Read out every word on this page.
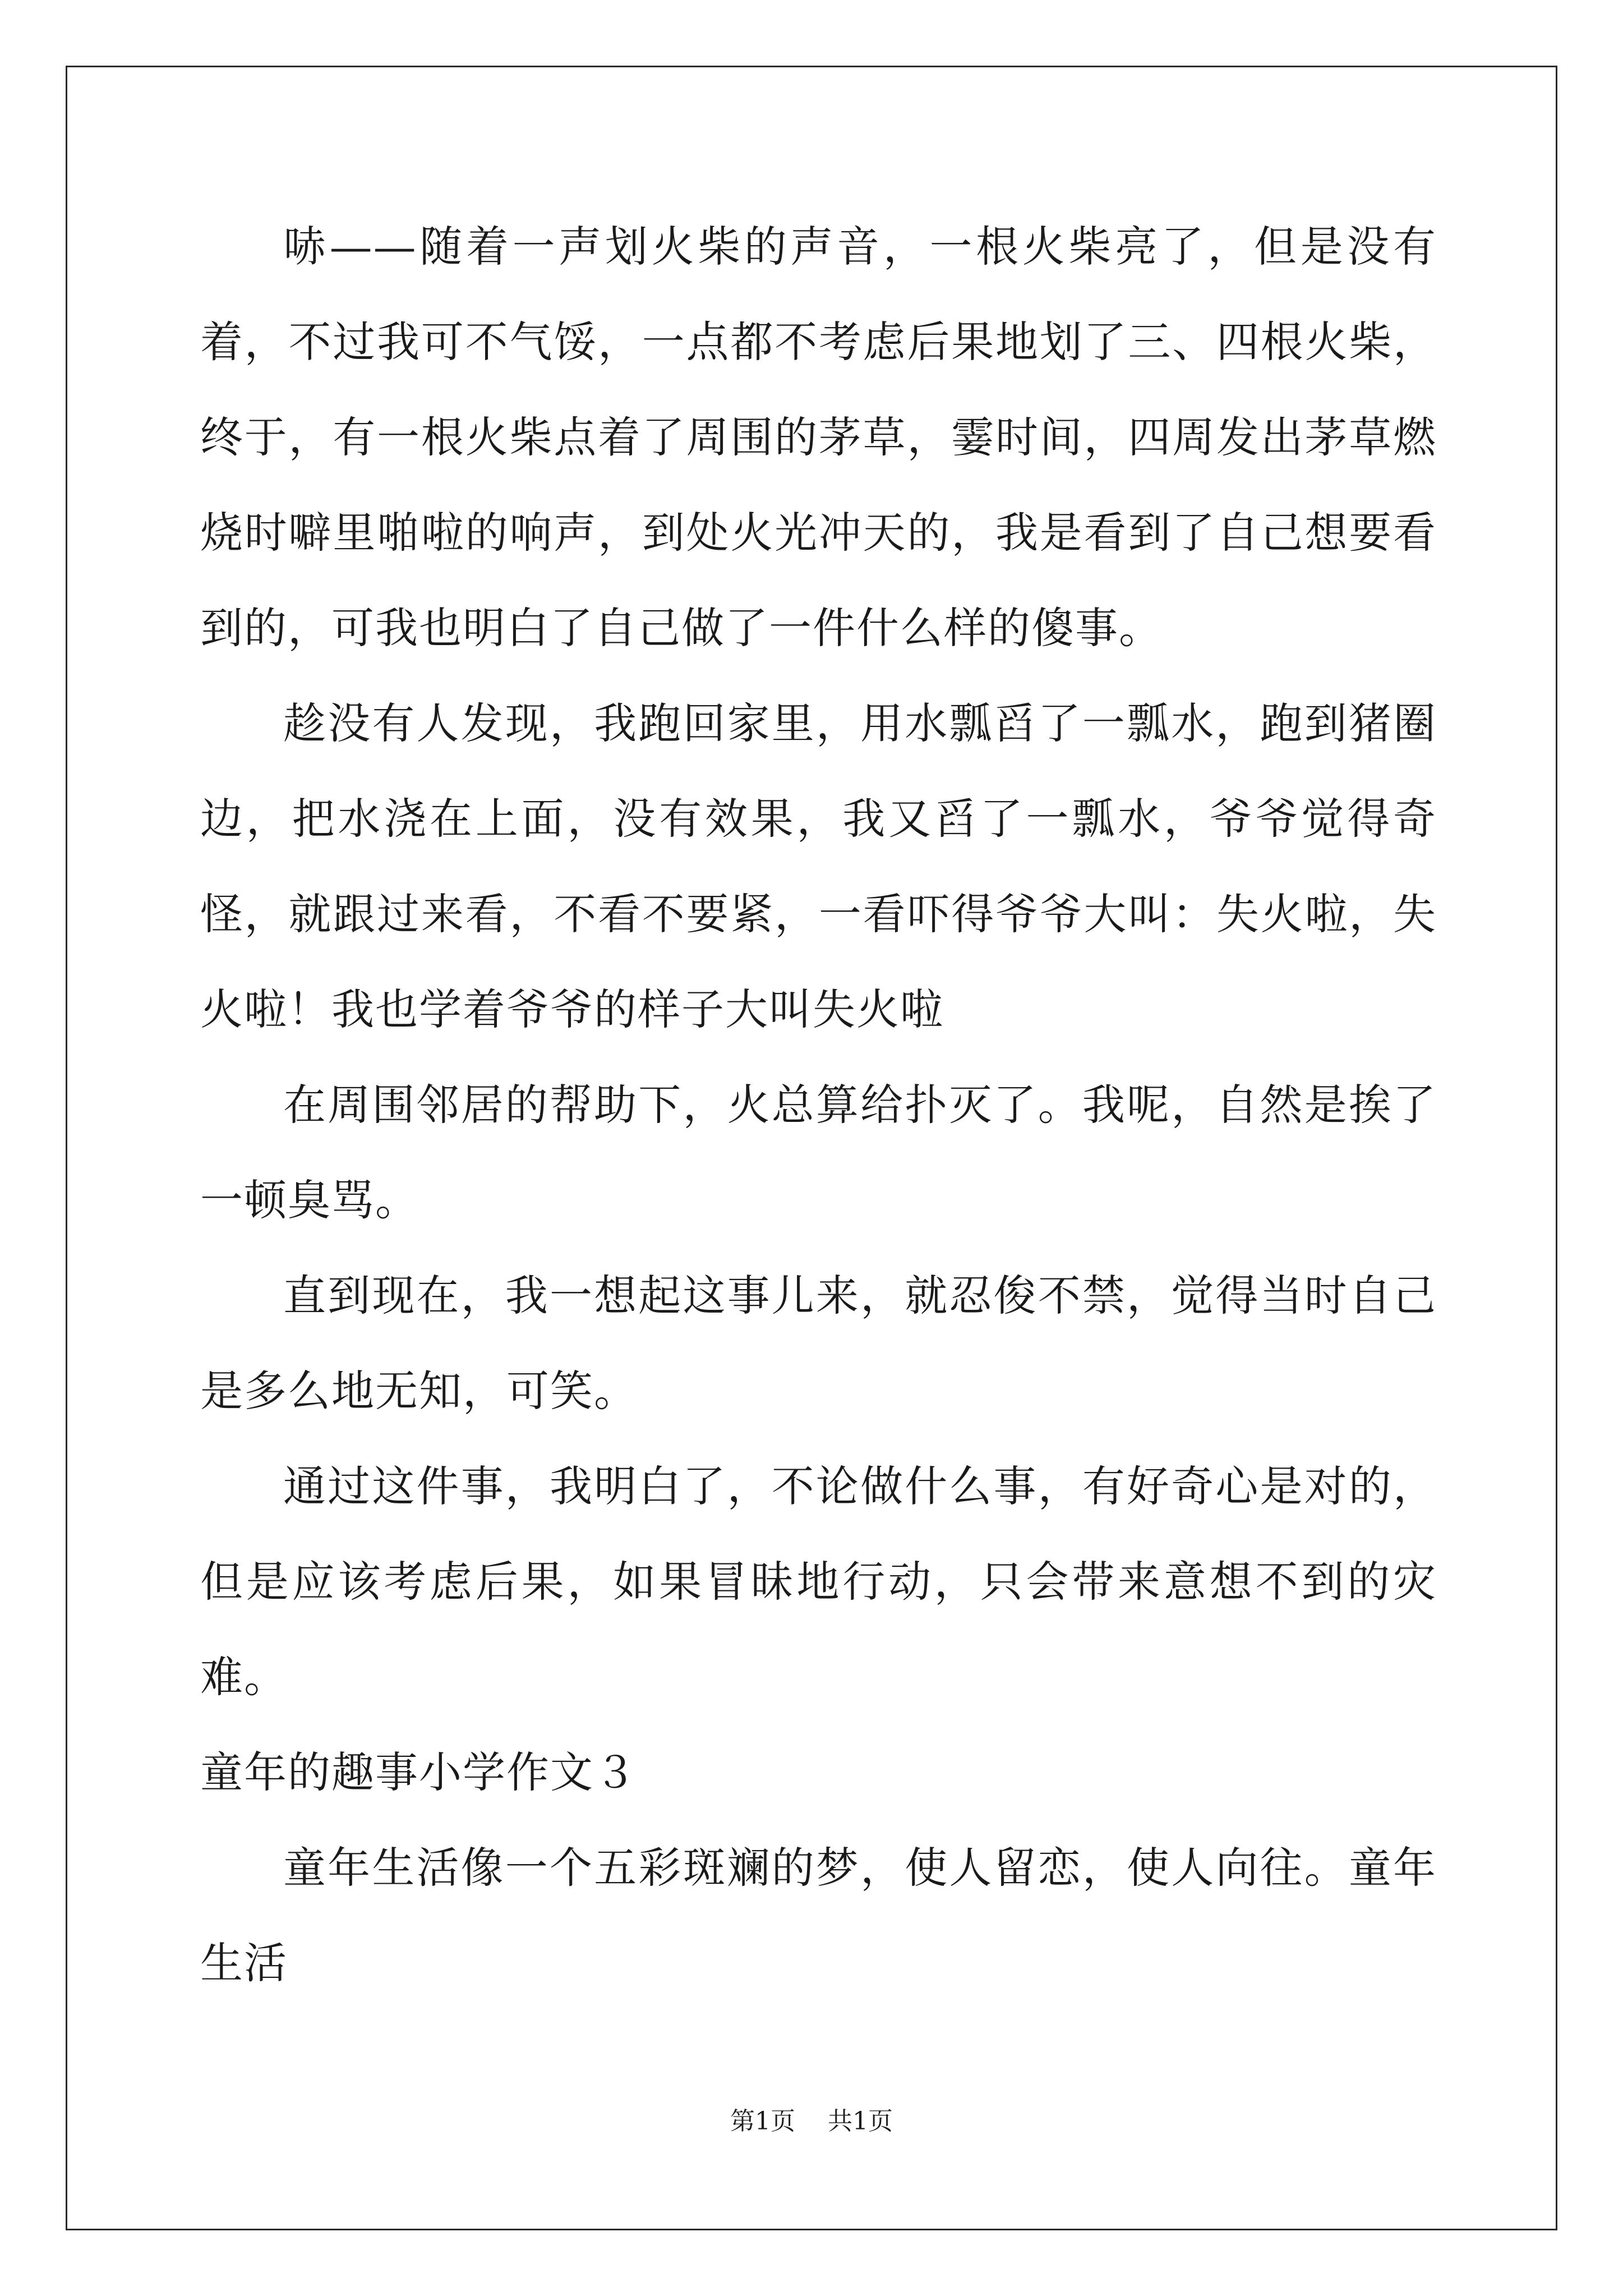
哧——随着一声划火柴的声音，一根火柴亮了，但是没有着，不过我可不气馁，一点都不考虑后果地划了三、四根火柴，终于，有一根火柴点着了周围的茅草，霎时间，四周发出茅草燃烧时噼里啪啦的响声，到处火光冲天的，我是看到了自己想要看到的，可我也明白了自己做了一件什么样的傻事。

趁没有人发现，我跑回家里，用水瓢舀了一瓢水，跑到猪圈边，把水浇在上面，没有效果，我又舀了一瓢水，爷爷觉得奇怪，就跟过来看，不看不要紧，一看吓得爷爷大叫：失火啦，失火啦！我也学着爷爷的样子大叫失火啦

在周围邻居的帮助下，火总算给扑灭了。我呢，自然是挨了一顿臭骂。

直到现在，我一想起这事儿来，就忍俊不禁，觉得当时自己是多么地无知，可笑。

通过这件事，我明白了，不论做什么事，有好奇心是对的，但是应该考虑后果，如果冒昧地行动，只会带来意想不到的灾难。

童年的趣事小学作文３

童年生活像一个五彩斑斓的梦，使人留恋，使人向往。童年生活

第1页 共1页
